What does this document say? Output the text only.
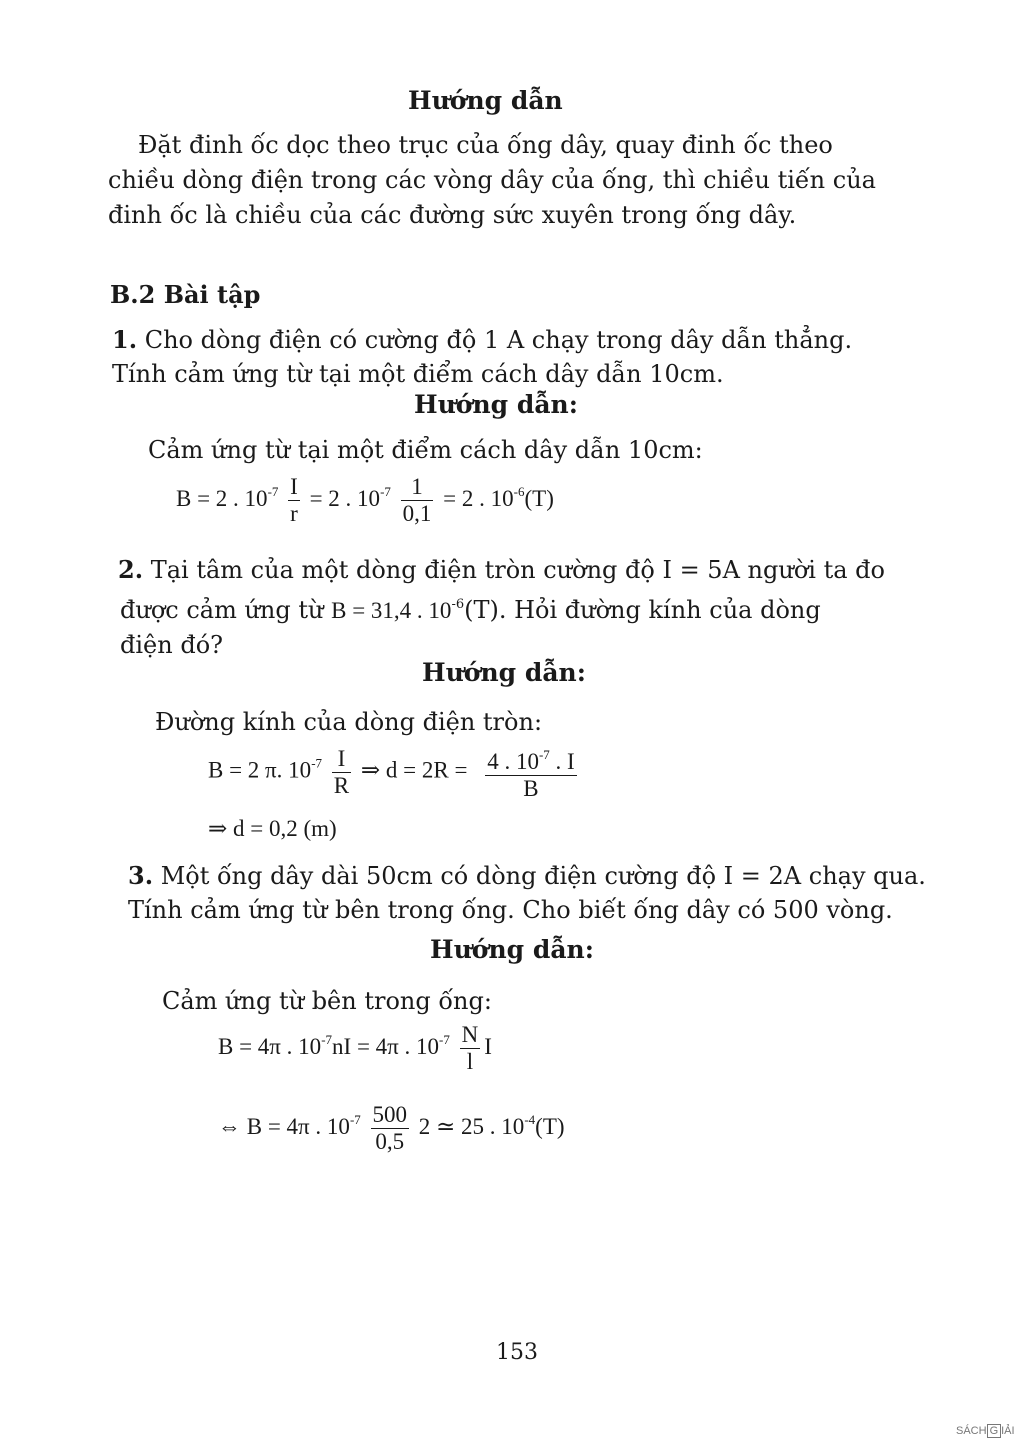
Hướng dẫn
Đặt đinh ốc dọc theo trục của ống dây, quay đinh ốc theo
chiều dòng điện trong các vòng dây của ống, thì chiều tiến của
đinh ốc là chiều của các đường sức xuyên trong ống dây.
B.2 Bài tập
1. Cho dòng điện có cường độ 1 A chạy trong dây dẫn thẳng.
Tính cảm ứng từ tại một điểm cách dây dẫn 10cm.
Hướng dẫn:
Cảm ứng từ tại một điểm cách dây dẫn 10cm:
B = 2 . $10^{-7} \frac{I}{r} = 2$ . $10^{-7} \frac{1}{0,1} = 2$ . $10^{-6}(T)$
2. Tại tâm của một dòng điện tròn cường độ I = 5A người ta đo
được cảm ứng từ B = 31,4 . $10^{-6}(T)$. Hỏi đường kính của dòng
điện đó?
Hướng dẫn:
Đường kính của dòng điện tròn:
B = 2 π. $10^{-7} \frac{I}{R}$ ⇒ $d = 2R = \frac{4 . 10^{-7} . I}{B}$
⇒ d = 0,2 (m)
3. Một ống dây dài 50cm có dòng điện cường độ I = 2A chạy qua.
Tính cảm ứng từ bên trong ống. Cho biết ống dây có 500 vòng.
Hướng dẫn:
Cảm ứng từ bên trong ống:
B = 4π . $10^{-7}nI = 4\pi$ . $10^{-7} \frac{N}{l}$ I
⇔ B = 4π . $10^{-7} \frac{500}{0,5} 2$ ≃ 25 . $10^{-4}(T)$
153
SÁCH G IẢI
